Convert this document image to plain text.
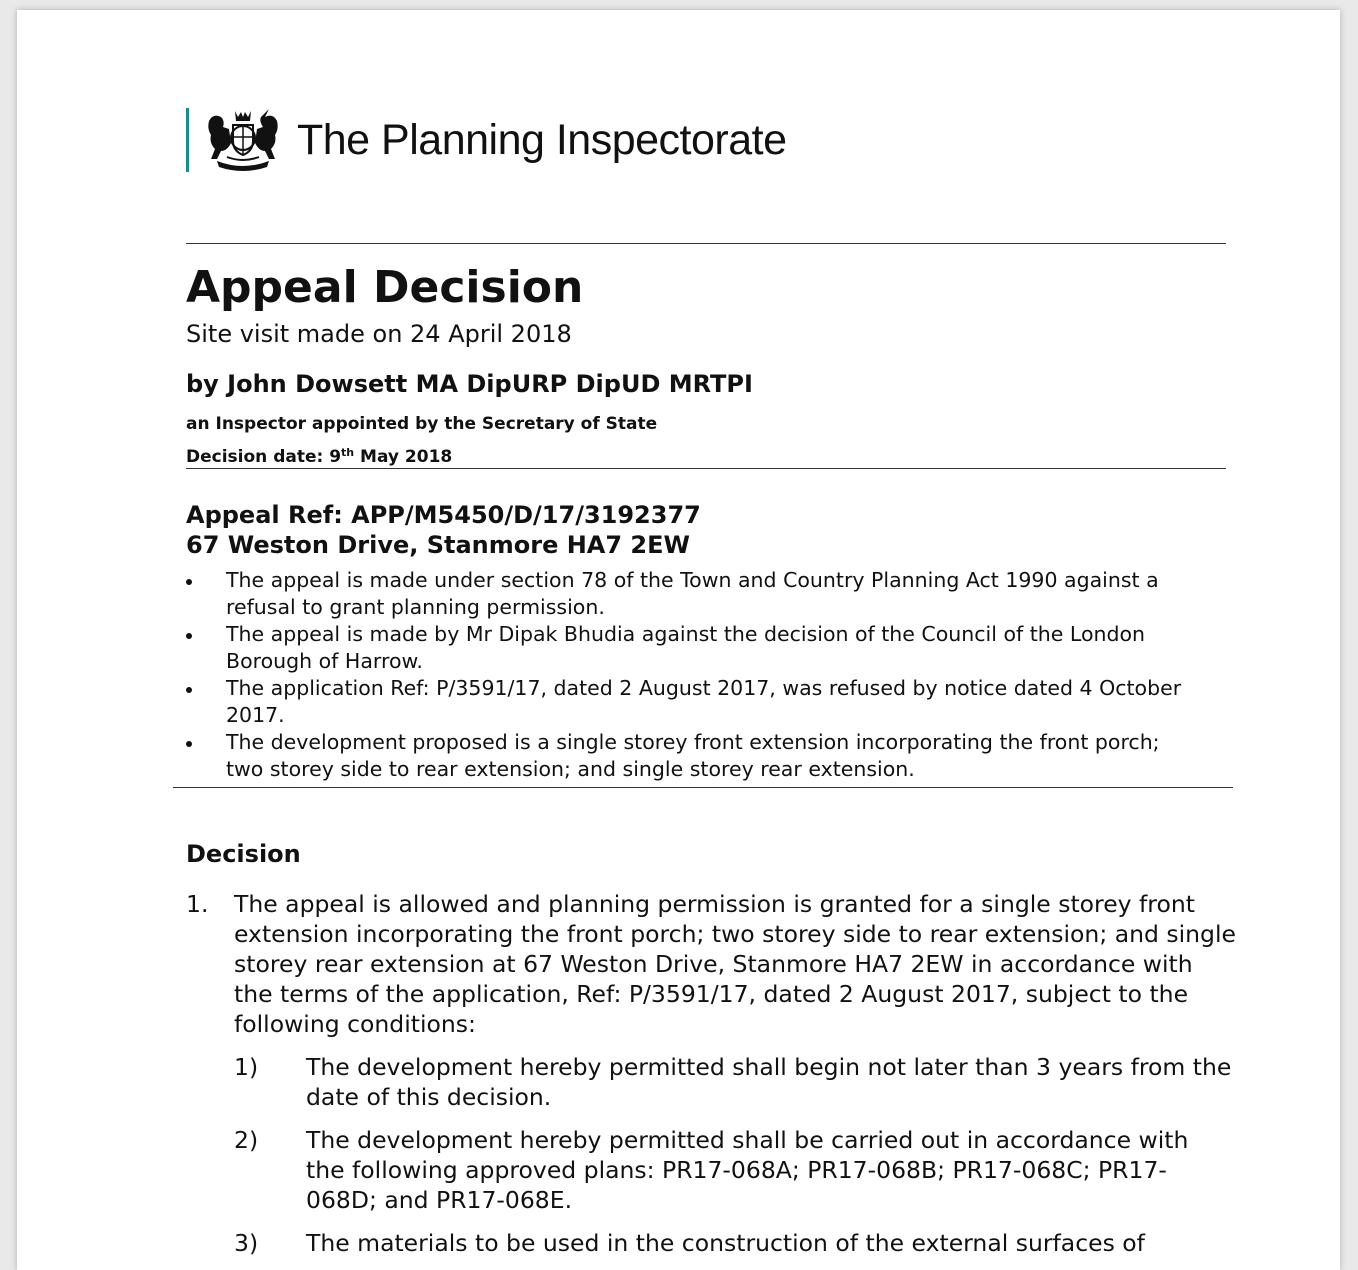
The Planning Inspectorate
Appeal Decision
Site visit made on 24 April 2018
by John Dowsett MA DipURP DipUD MRTPI
an Inspector appointed by the Secretary of State
Decision date: 9th May 2018
Appeal Ref: APP/M5450/D/17/3192377
67 Weston Drive, Stanmore HA7 2EW
The appeal is made under section 78 of the Town and Country Planning Act 1990 against a refusal to grant planning permission.
The appeal is made by Mr Dipak Bhudia against the decision of the Council of the London Borough of Harrow.
The application Ref: P/3591/17, dated 2 August 2017, was refused by notice dated 4 October 2017.
The development proposed is a single storey front extension incorporating the front porch; two storey side to rear extension; and single storey rear extension.
Decision
1. The appeal is allowed and planning permission is granted for a single storey front extension incorporating the front porch; two storey side to rear extension; and single storey rear extension at 67 Weston Drive, Stanmore HA7 2EW in accordance with the terms of the application, Ref: P/3591/17, dated 2 August 2017, subject to the following conditions:
1) The development hereby permitted shall begin not later than 3 years from the date of this decision.
2) The development hereby permitted shall be carried out in accordance with the following approved plans: PR17-068A; PR17-068B; PR17-068C; PR17-068D; and PR17-068E.
3) The materials to be used in the construction of the external surfaces of
